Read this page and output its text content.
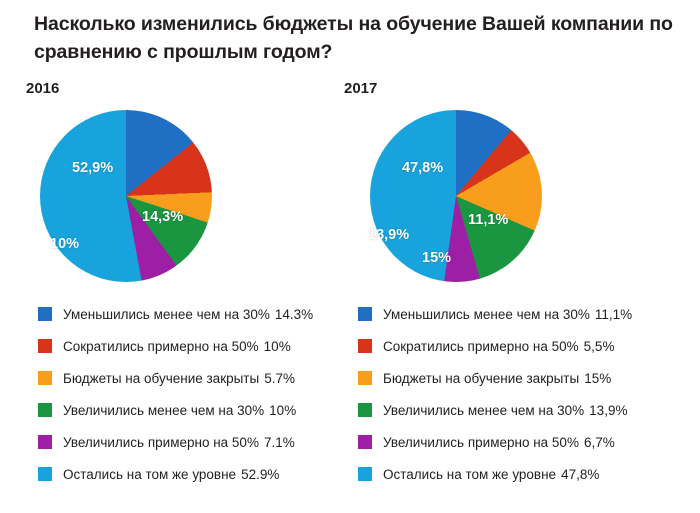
Насколько изменились бюджеты на обучение Вашей компании по сравнению с прошлым годом?
2016
52,9%
14,3%
10%
2017
47,8%
11,1%
15%
13,9%
Уменьшились менее чем на 30% 14.3%
Сократились примерно на 50% 10%
Бюджеты на обучение закрыты 5.7%
Увеличились менее чем на 30% 10%
Увеличились примерно на 50% 7.1%
Остались на том же уровне 52.9%
Уменьшились менее чем на 30% 11,1%
Сократились примерно на 50% 5,5%
Бюджеты на обучение закрыты 15%
Увеличились менее чем на 30% 13,9%
Увеличились примерно на 50% 6,7%
Остались на том же уровне 47,8%
